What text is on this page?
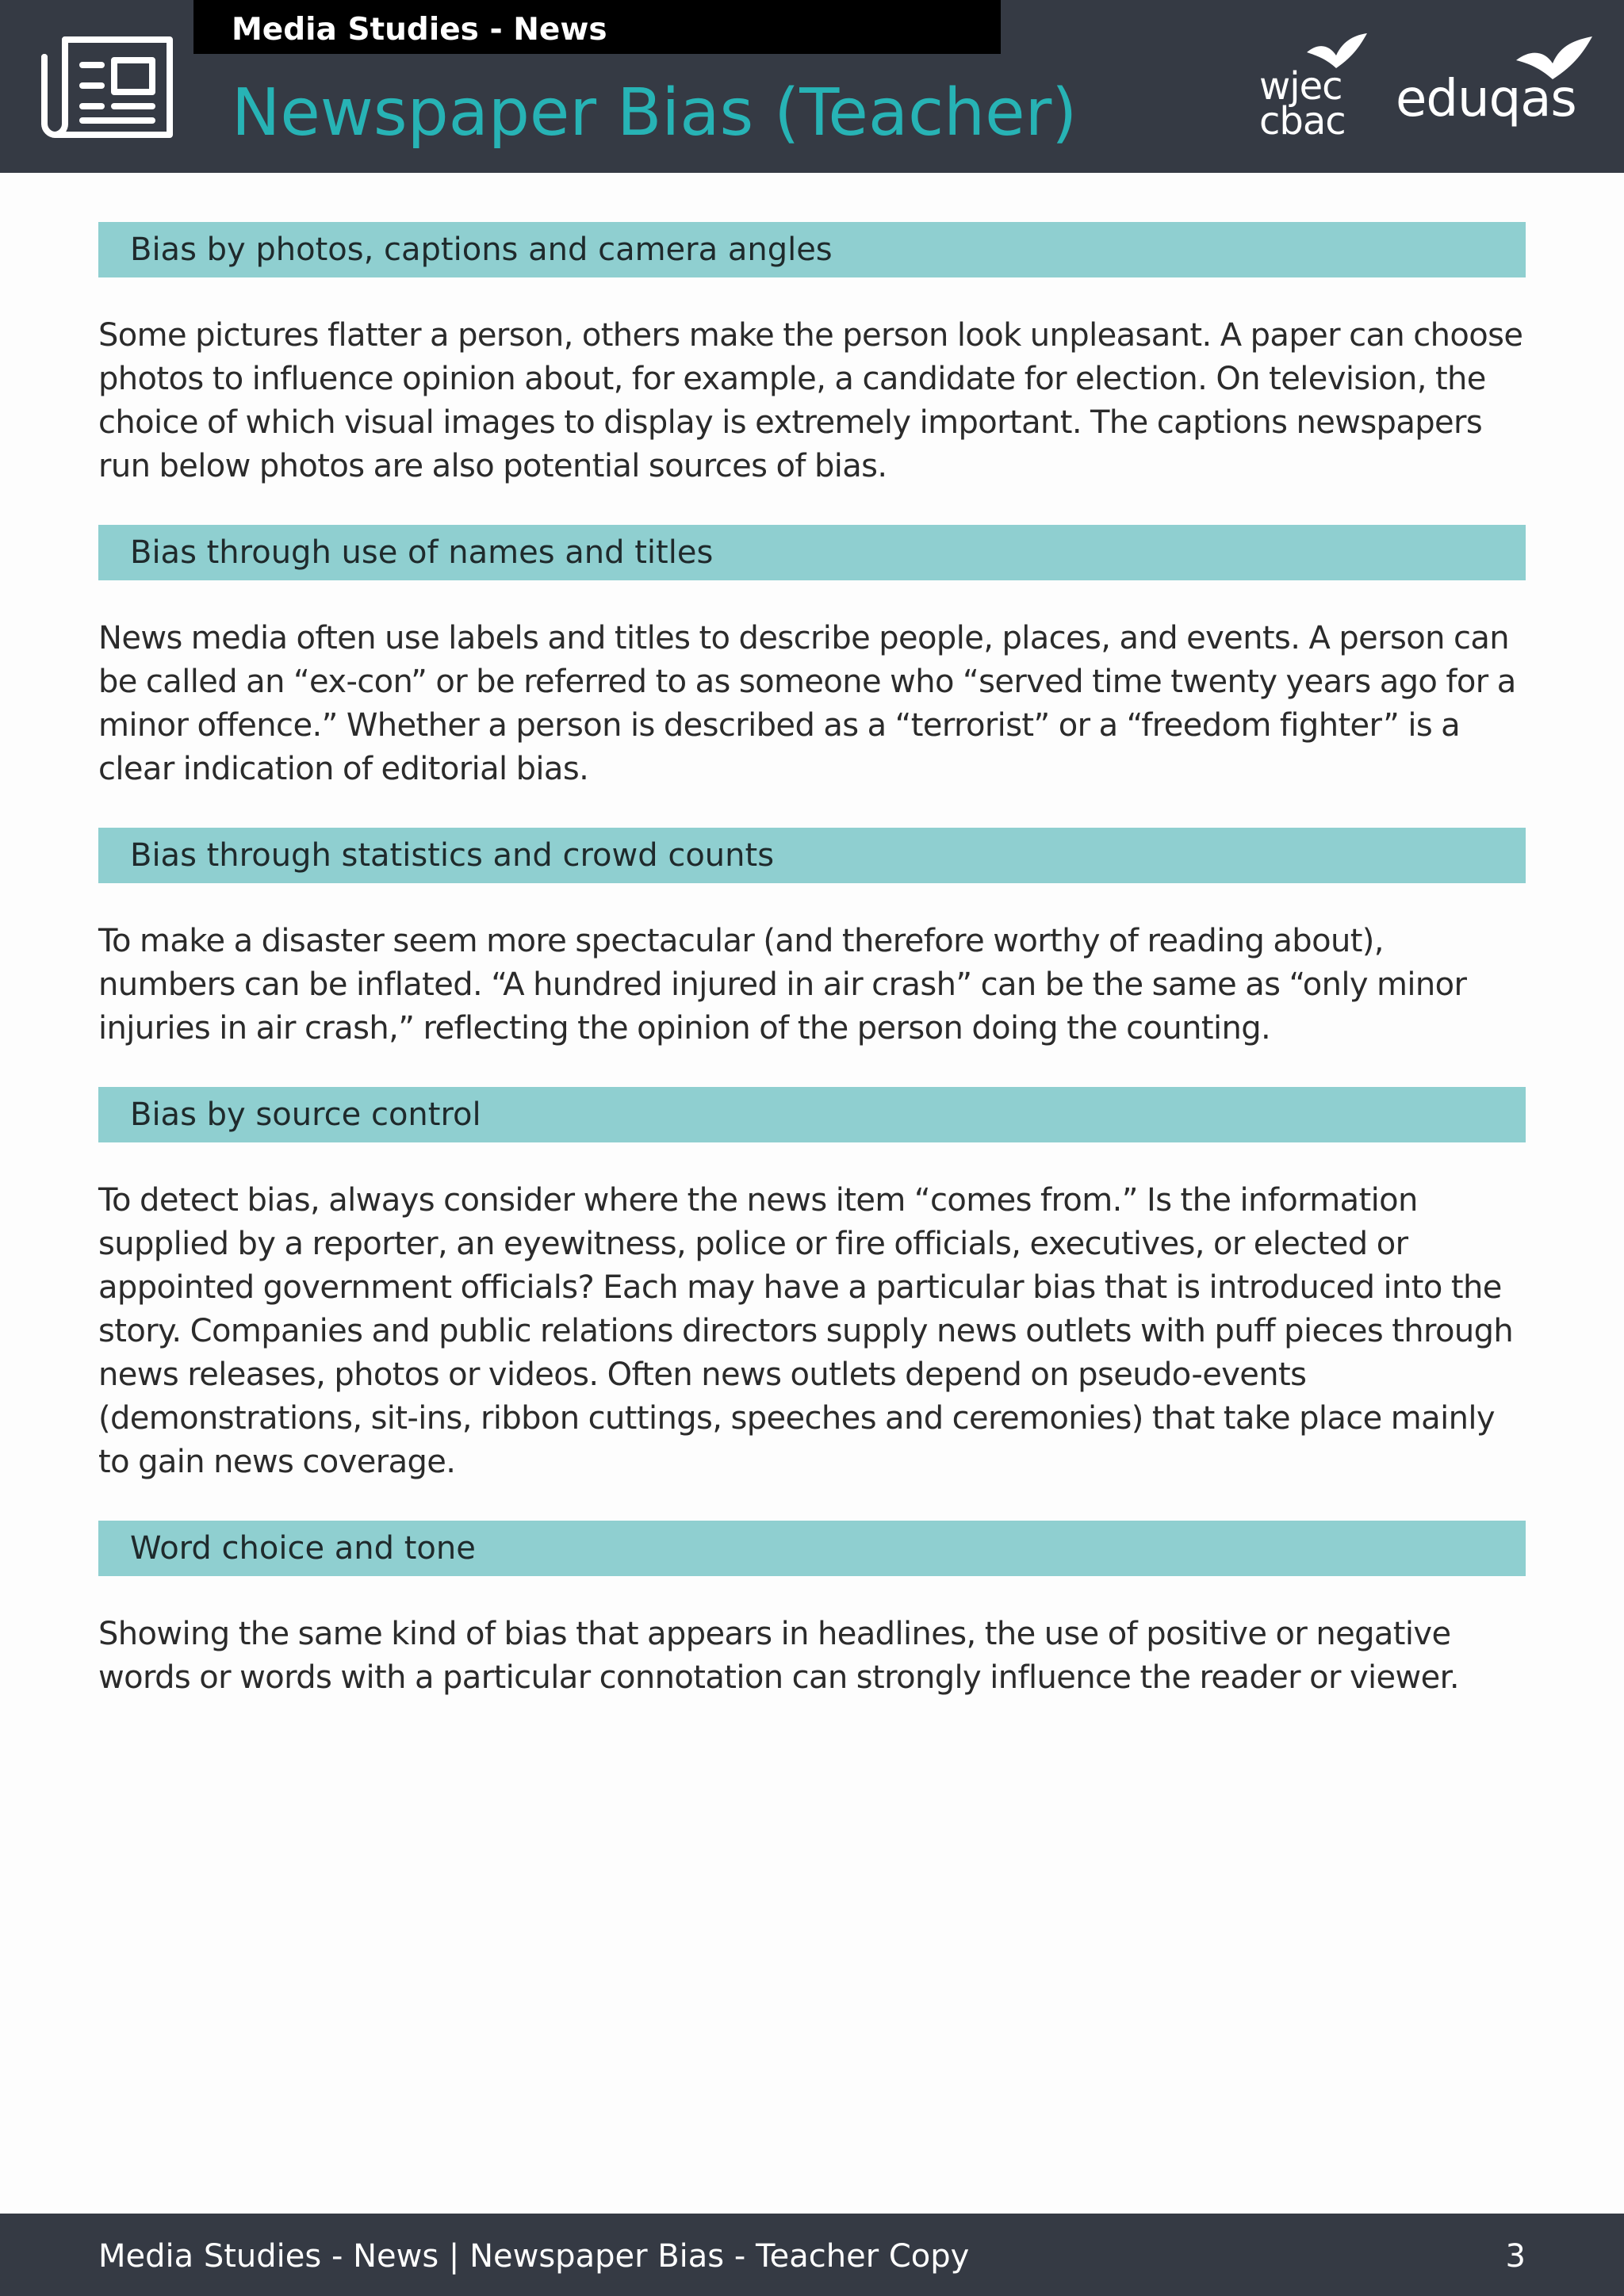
Media Studies - News
Newspaper Bias (Teacher)	wjec
cbac eduqas
Bias by photos, captions and camera angles
Some pictures flatter a person, others make the person look unpleasant. A paper can choose photos to influence opinion about, for example, a candidate for election. On television, the choice of which visual images to display is extremely important. The captions newspapers run below photos are also potential sources of bias.
Bias through use of names and titles
News media often use labels and titles to describe people, places, and events. A person can be called an “ex-con” or be referred to as someone who “served time twenty years ago for a minor offence.” Whether a person is described as a “terrorist” or a “freedom fighter” is a clear indication of editorial bias.
Bias through statistics and crowd counts
To make a disaster seem more spectacular (and therefore worthy of reading about), numbers can be inflated. “A hundred injured in air crash” can be the same as “only minor injuries in air crash,” reflecting the opinion of the person doing the counting.
Bias by source control
To detect bias, always consider where the news item “comes from.” Is the information supplied by a reporter, an eyewitness, police or fire officials, executives, or elected or appointed government officials? Each may have a particular bias that is introduced into the story. Companies and public relations directors supply news outlets with puff pieces through news releases, photos or videos. Often news outlets depend on pseudo-events (demonstrations, sit-ins, ribbon cuttings, speeches and ceremonies) that take place mainly to gain news coverage.
Word choice and tone
Showing the same kind of bias that appears in headlines, the use of positive or negative words or words with a particular connotation can strongly influence the reader or viewer.
Media Studies - News | Newspaper Bias - Teacher Copy	3
